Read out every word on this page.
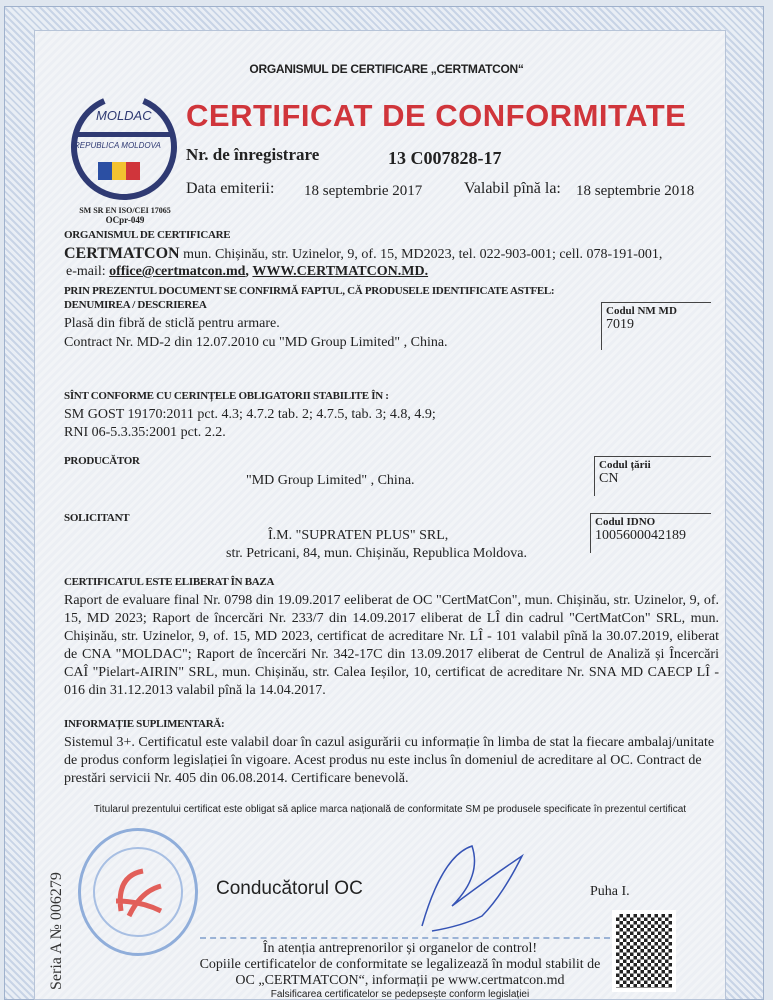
ORGANISMUL DE CERTIFICARE „CERTMATCON“
MOLDAC
REPUBLICA MOLDOVA
SM SR EN ISO/CEI 17065
OCpr-049
CERTIFICAT DE CONFORMITATE
Nr. de înregistrare	13 C007828-17
Data emiterii: 18 septembrie 2017	Valabil pînă la: 18 septembrie 2018
ORGANISMUL DE CERTIFICARE
CERTMATCON mun. Chișinău, str. Uzinelor, 9, of. 15, MD2023, tel. 022-903-001; cell. 078-191-001,
e-mail: office@certmatcon.md, WWW.CERTMATCON.MD.
PRIN PREZENTUL DOCUMENT SE CONFIRMĂ FAPTUL, CĂ PRODUSELE IDENTIFICATE ASTFEL:
DENUMIREA / DESCRIEREA
Plasă din fibră de sticlă pentru armare.
Contract Nr. MD-2 din 12.07.2010 cu "MD Group Limited" , China.
Codul NM MD
7019
SÎNT CONFORME CU CERINȚELE OBLIGATORII STABILITE ÎN :
SM GOST 19170:2011 pct. 4.3; 4.7.2 tab. 2; 4.7.5, tab. 3; 4.8, 4.9;
RNI 06-5.3.35:2001 pct. 2.2.
PRODUCĂTOR
"MD Group Limited" , China.
Codul țării
CN
SOLICITANT
Î.M. "SUPRATEN PLUS" SRL,
str. Petricani, 84, mun. Chișinău, Republica Moldova.
Codul IDNO
1005600042189
CERTIFICATUL ESTE ELIBERAT ÎN BAZA
Raport de evaluare final Nr. 0798 din 19.09.2017 eeliberat de OC "CertMatCon", mun. Chișinău, str. Uzinelor, 9, of. 15, MD 2023; Raport de încercări Nr. 233/7 din 14.09.2017 eliberat de LÎ din cadrul "CertMatCon" SRL, mun. Chișinău, str. Uzinelor, 9, of. 15, MD 2023, certificat de acreditare Nr. LÎ - 101 valabil pînă la 30.07.2019, eliberat de CNA "MOLDAC"; Raport de încercări Nr. 342-17C din 13.09.2017 eliberat de Centrul de Analiză și Încercări CAÎ "Pielart-AIRIN" SRL, mun. Chișinău, str. Calea Ieșilor, 10, certificat de acreditare Nr. SNA MD CAECP LÎ - 016 din 31.12.2013 valabil pînă la 14.04.2017.
INFORMAȚIE SUPLIMENTARĂ:
Sistemul 3+. Certificatul este valabil doar în cazul asigurării cu informație în limba de stat la fiecare ambalaj/unitate de produs conform legislației în vigoare. Acest produs nu este inclus în domeniul de acreditare al OC. Contract de prestări servicii Nr. 405 din 06.08.2014. Certificare benevolă.
Titularul prezentului certificat este obligat să aplice marca națională de conformitate SM pe produsele specificate în prezentul certificat
Seria A № 006279	Conducătorul OC	Puha I.
În atenția antreprenorilor și organelor de control!
Copiile certificatelor de conformitate se legalizează în modul stabilit de
OC „CERTMATCON“, informații pe www.certmatcon.md
Falsificarea certificatelor se pedepsește conform legislației
